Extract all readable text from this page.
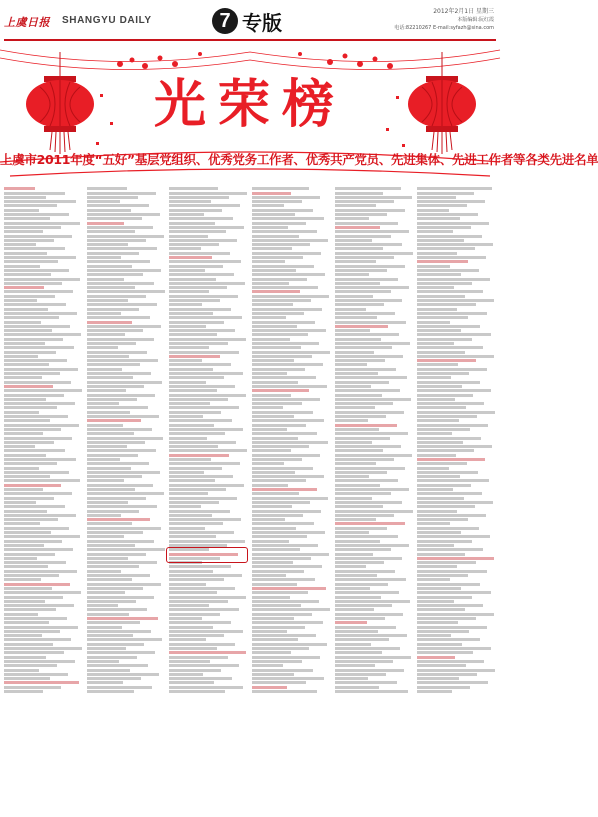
上虞日报 SHANGYU DAILY	7 专版	2012年2月1日 星期三
本版编辑:阮红霞
电话:82210267 E-mail:syfazh@sina.com
光荣榜
上虞市2011年度“五好”基层党组织、优秀党务工作者、优秀共产党员、先进集体、先进工作者等各类先进名单
